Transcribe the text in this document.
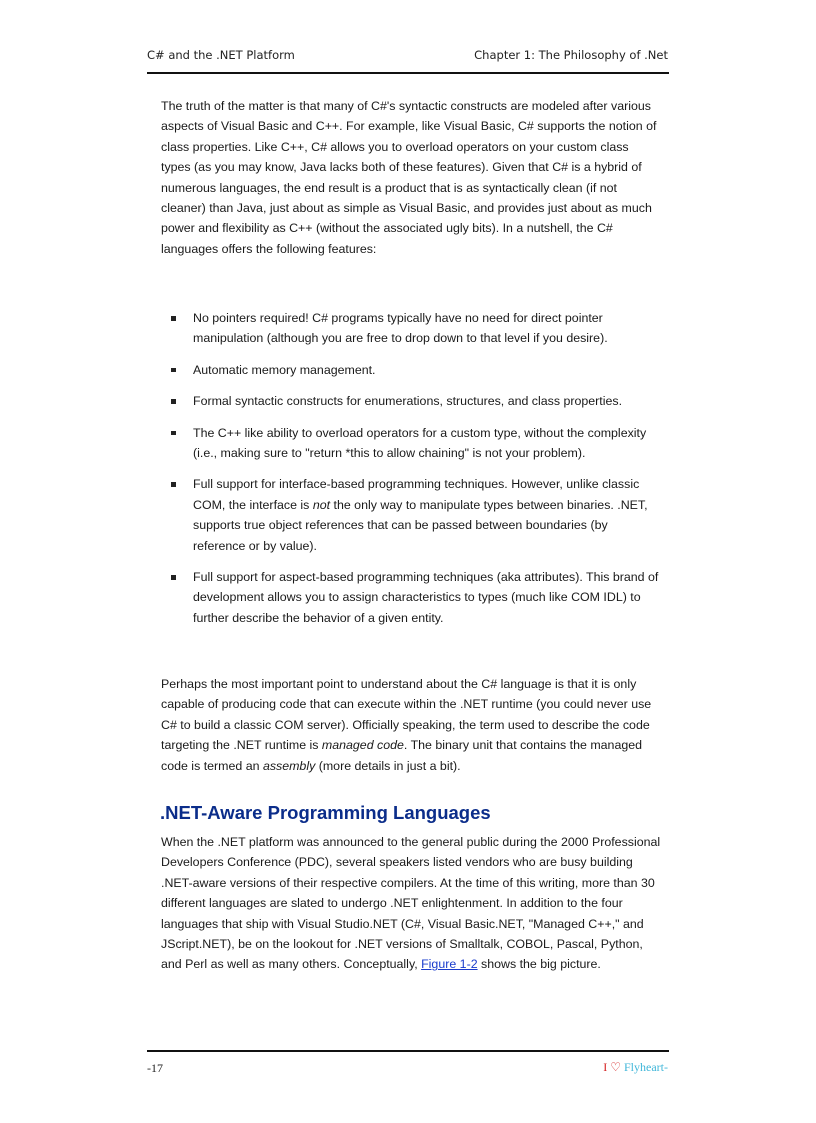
C# and the .NET Platform	Chapter 1: The Philosophy of .Net

The truth of the matter is that many of C#'s syntactic constructs are modeled after various aspects of Visual Basic and C++. For example, like Visual Basic, C# supports the notion of class properties. Like C++, C# allows you to overload operators on your custom class types (as you may know, Java lacks both of these features). Given that C# is a hybrid of numerous languages, the end result is a product that is as syntactically clean (if not cleaner) than Java, just about as simple as Visual Basic, and provides just about as much power and flexibility as C++ (without the associated ugly bits). In a nutshell, the C# languages offers the following features:

No pointers required! C# programs typically have no need for direct pointer manipulation (although you are free to drop down to that level if you desire).
Automatic memory management.
Formal syntactic constructs for enumerations, structures, and class properties.
The C++ like ability to overload operators for a custom type, without the complexity (i.e., making sure to "return *this to allow chaining" is not your problem).
Full support for interface-based programming techniques. However, unlike classic COM, the interface is not the only way to manipulate types between binaries. .NET, supports true object references that can be passed between boundaries (by reference or by value).
Full support for aspect-based programming techniques (aka attributes). This brand of development allows you to assign characteristics to types (much like COM IDL) to further describe the behavior of a given entity.

Perhaps the most important point to understand about the C# language is that it is only capable of producing code that can execute within the .NET runtime (you could never use C# to build a classic COM server). Officially speaking, the term used to describe the code targeting the .NET runtime is managed code. The binary unit that contains the managed code is termed an assembly (more details in just a bit).

.NET-Aware Programming Languages

When the .NET platform was announced to the general public during the 2000 Professional Developers Conference (PDC), several speakers listed vendors who are busy building .NET-aware versions of their respective compilers. At the time of this writing, more than 30 different languages are slated to undergo .NET enlightenment. In addition to the four languages that ship with Visual Studio.NET (C#, Visual Basic.NET, "Managed C++," and JScript.NET), be on the lookout for .NET versions of Smalltalk, COBOL, Pascal, Python, and Perl as well as many others. Conceptually, Figure 1-2 shows the big picture.

-17	I ♡ Flyheart-
